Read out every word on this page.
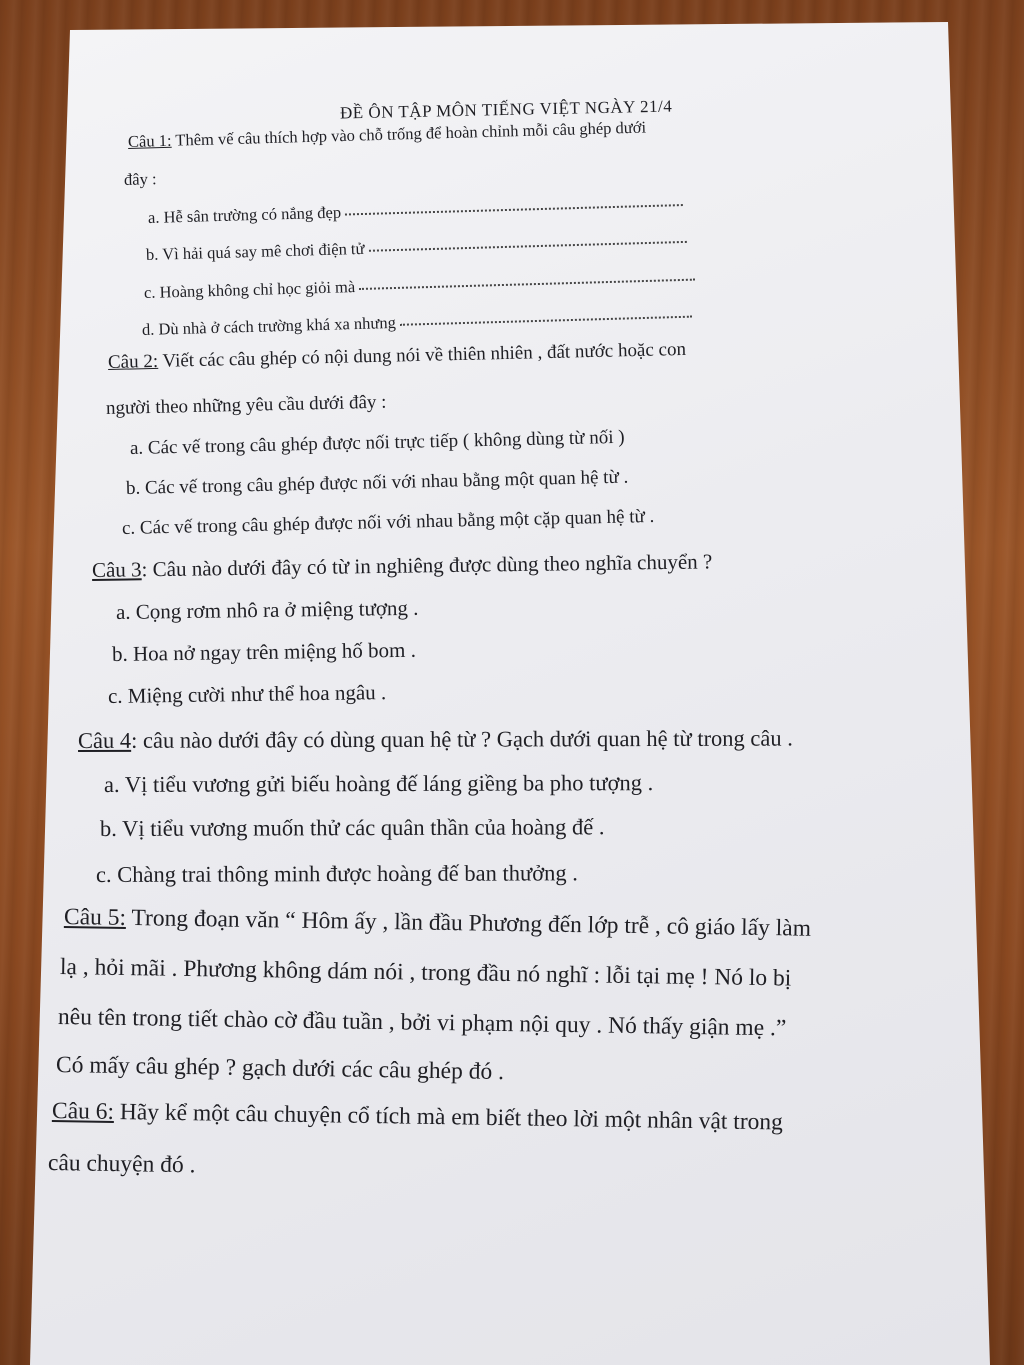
ĐỀ ÔN TẬP MÔN TIẾNG VIỆT NGÀY 21/4
Câu 1: Thêm vế câu thích hợp vào chỗ trống để hoàn chỉnh mỗi câu ghép dưới
đây :
a. Hễ sân trường có nắng đẹp
b. Vì hải quá say mê chơi điện tử
c. Hoàng không chỉ học giỏi mà
d. Dù nhà ở cách trường khá xa nhưng
Câu 2: Viết các câu ghép có nội dung nói về thiên nhiên , đất nước hoặc con
người theo những yêu cầu dưới đây :
a. Các vế trong câu ghép được nối trực tiếp ( không dùng từ nối )
b. Các vế trong câu ghép được nối với nhau bằng một quan hệ từ .
c. Các vế trong câu ghép được nối với nhau bằng một cặp quan hệ từ .
Câu 3: Câu nào dưới đây có từ in nghiêng được dùng theo nghĩa chuyển ?
a. Cọng rơm nhô ra ở miệng tượng .
b. Hoa nở ngay trên miệng hố bom .
c. Miệng cười như thể hoa ngâu .
Câu 4: câu nào dưới đây có dùng quan hệ từ ? Gạch dưới quan hệ từ trong câu .
a. Vị tiểu vương gửi biếu hoàng đế láng giềng ba pho tượng .
b. Vị tiểu vương muốn thử các quân thần của hoàng đế .
c. Chàng trai thông minh được hoàng đế ban thưởng .
Câu 5: Trong đoạn văn “ Hôm ấy , lần đầu Phương đến lớp trễ , cô giáo lấy làm
lạ , hỏi mãi . Phương không dám nói , trong đầu nó nghĩ : lỗi tại mẹ ! Nó lo bị
nêu tên trong tiết chào cờ đầu tuần , bởi vi phạm nội quy . Nó thấy giận mẹ .”
Có mấy câu ghép ? gạch dưới các câu ghép đó .
Câu 6: Hãy kể một câu chuyện cổ tích mà em biết theo lời một nhân vật trong
câu chuyện đó .
